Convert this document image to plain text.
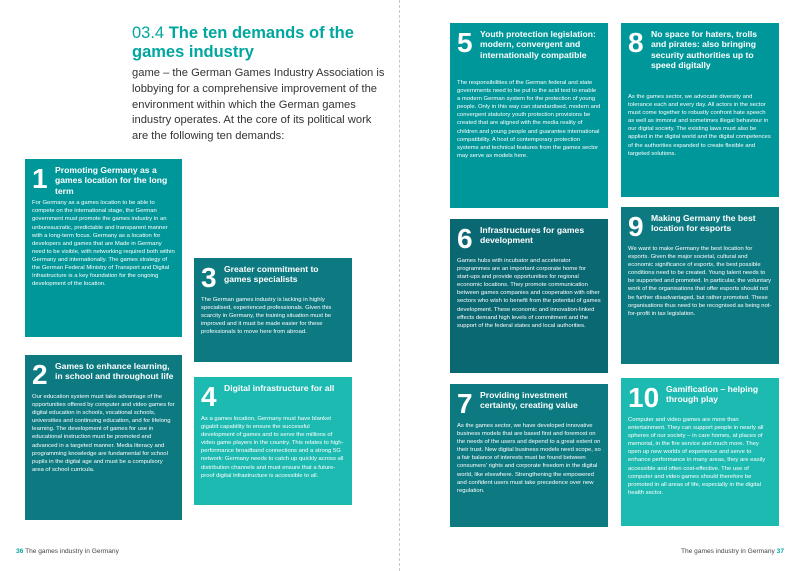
03.4 The ten demands of the games industry

game – the German Games Industry Association is lobbying for a comprehensive improvement of the environment within which the German games industry operates. At the core of its political work are the following ten demands:

1 Promoting Germany as a games location for the long term

For Germany as a games location to be able to compete on the international stage, the German government must promote the games industry in an unbureaucratic, predictable and transparent manner with a long-term focus. Germany as a location for developers and games that are Made in Germany need to be visible, with networking required both within Germany and internationally. The games strategy of the German Federal Ministry of Transport and Digital Infrastructure is a key foundation for the ongoing development of the location.

2 Games to enhance learning, in school and throughout life

Our education system must take advantage of the opportunities offered by computer and video games for digital education in schools, vocational schools, universities and continuing education, and for lifelong learning. The development of games for use in educational instruction must be promoted and advanced in a targeted manner. Media literacy and programming knowledge are fundamental for school pupils in the digital age and must be a compulsory area of school curricula.

3 Greater commitment to games specialists

The German games industry is lacking in highly specialised, experienced professionals. Given this scarcity in Germany, the training situation must be improved and it must be made easier for these professionals to move here from abroad.

4 Digital infrastructure for all

As a games location, Germany must have blanket gigabit capability to ensure the successful development of games and to serve the millions of video game players in the country. This relates to high-performance broadband connections and a strong 5G network: Germany needs to catch up quickly across all distribution channels and must ensure that a future-proof digital infrastructure is accessible to all.

5 Youth protection legislation: modern, convergent and internationally compatible

The responsibilities of the German federal and state governments need to be put to the acid test to enable a modern German system for the protection of young people. Only in this way can standardised, modern and convergent statutory youth protection provisions be created that are aligned with the media reality of children and young people and guarantee international compatibility. A host of contemporary protection systems and technical features from the games sector may serve as models here.

6 Infrastructures for games development

Games hubs with incubator and accelerator programmes are an important corporate home for start-ups and provide opportunities for regional economic locations. They promote communication between games companies and cooperation with other sectors who wish to benefit from the potential of games development. These economic and innovation-linked effects demand high levels of commitment and the support of the federal states and local authorities.

7 Providing investment certainty, creating value

As the games sector, we have developed innovative business models that are based first and foremost on the needs of the users and depend to a great extent on their trust. New digital business models need scope, so a fair balance of interests must be found between consumers' rights and corporate freedom in the digital world, like elsewhere. Strengthening the empowered and confident users must take precedence over new regulation.

8 No space for haters, trolls and pirates: also bringing security authorities up to speed digitally

As the games sector, we advocate diversity and tolerance each and every day. All actors in the sector must come together to robustly confront hate speech as well as immoral and sometimes illegal behaviour in our digital society. The existing laws must also be applied in the digital world and the digital competences of the authorities expanded to create flexible and targeted solutions.

9 Making Germany the best location for esports

We want to make Germany the best location for esports. Given the major societal, cultural and economic significance of esports, the best possible conditions need to be created. Young talent needs to be supported and promoted. In particular, the voluntary work of the organisations that offer esports should not be further disadvantaged, but rather promoted. These organisations thus need to be recognised as being not-for-profit in tax legislation.

10 Gamification – helping through play

Computer and video games are more than entertainment. They can support people in nearly all spheres of our society – in care homes, at places of memorial, in the fire service and much more. They open up new worlds of experience and serve to enhance performance in many areas, they are easily accessible and often cost-effective. The use of computer and video games should therefore be promoted in all areas of life, especially in the digital health sector.

36 The games industry in Germany	The games industry in Germany 37
